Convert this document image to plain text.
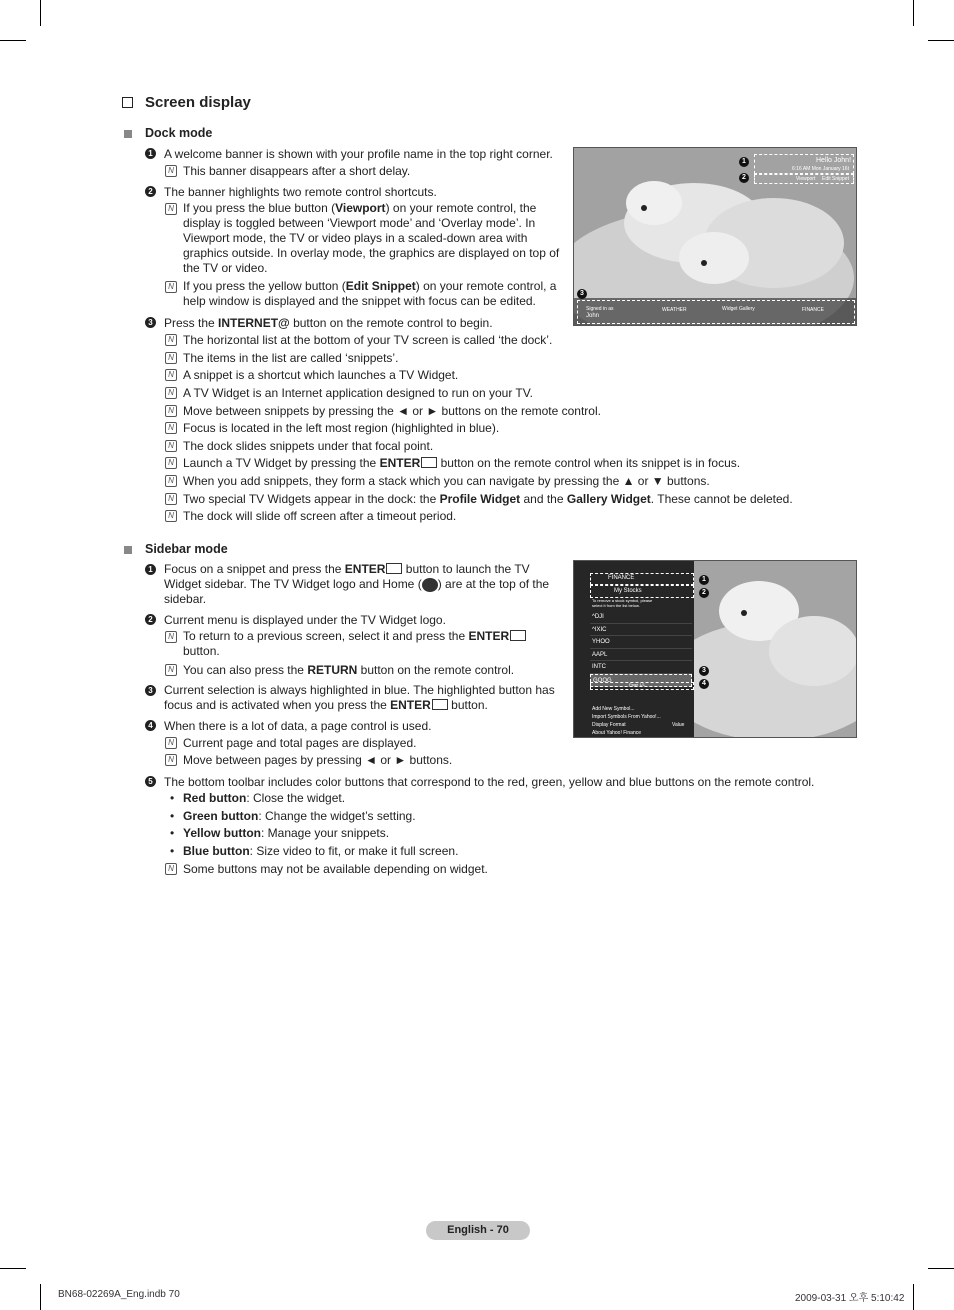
Screen display
Dock mode
1 A welcome banner is shown with your profile name in the top right corner.
N This banner disappears after a short delay.
2 The banner highlights two remote control shortcuts.
N If you press the blue button (Viewport) on your remote control, the display is toggled between ‘Viewport mode’ and ‘Overlay mode’. In Viewport mode, the TV or video plays in a scaled-down area with graphics outside. In overlay mode, the graphics are displayed on top of the TV or video.
N If you press the yellow button (Edit Snippet) on your remote control, a help window is displayed and the snippet with focus can be edited.
3 Press the INTERNET@ button on the remote control to begin.
N The horizontal list at the bottom of your TV screen is called ‘the dock’.
N The items in the list are called ‘snippets’.
N A snippet is a shortcut which launches a TV Widget.
N A TV Widget is an Internet application designed to run on your TV.
N Move between snippets by pressing the ◄ or ► buttons on the remote control.
N Focus is located in the left most region (highlighted in blue).
N The dock slides snippets under that focal point.
N Launch a TV Widget by pressing the ENTER button on the remote control when its snippet is in focus.
N When you add snippets, they form a stack which you can navigate by pressing the ▲ or ▼ buttons.
N Two special TV Widgets appear in the dock: the Profile Widget and the Gallery Widget. These cannot be deleted.
N The dock will slide off screen after a timeout period.
Hello John!
6:16 AM Mon January 16t
Viewport Edit Snippet
1
2
3
Signed in as
John
WEATHER	Widget Gallery	FINANCE
Sidebar mode
1 Focus on a snippet and press the ENTER button to launch the TV Widget sidebar. The TV Widget logo and Home ( ) are at the top of the sidebar.
2 Current menu is displayed under the TV Widget logo.
N To return to a previous screen, select it and press the ENTER
button.
N You can also press the RETURN button on the remote control.
3 Current selection is always highlighted in blue. The highlighted button has focus and is activated when you press the ENTER button.
4 When there is a lot of data, a page control is used.
N Current page and total pages are displayed.
N Move between pages by pressing ◄ or ► buttons.
5 The bottom toolbar includes color buttons that correspond to the red, green, yellow and blue buttons on the remote control.
• Red button: Close the widget.
• Green button: Change the widget’s setting.
• Yellow button: Manage your snippets.
• Blue button: Size video to fit, or make it full screen.
N Some buttons may not be available depending on widget.
FINANCE
My Stocks
To remove a stock symbol, please
select it from the list below.
^DJI
^IXIC
YHOO
AAPL
INTC
GOOG
Page 1/1
Add New Symbol...
Import Symbols From Yahoo!...
Display Format	Value
About Yahoo! Finance
1
2
3
4
English - 70
BN68-02269A_Eng.indb 70	2009-03-31 오후 5:10:42
